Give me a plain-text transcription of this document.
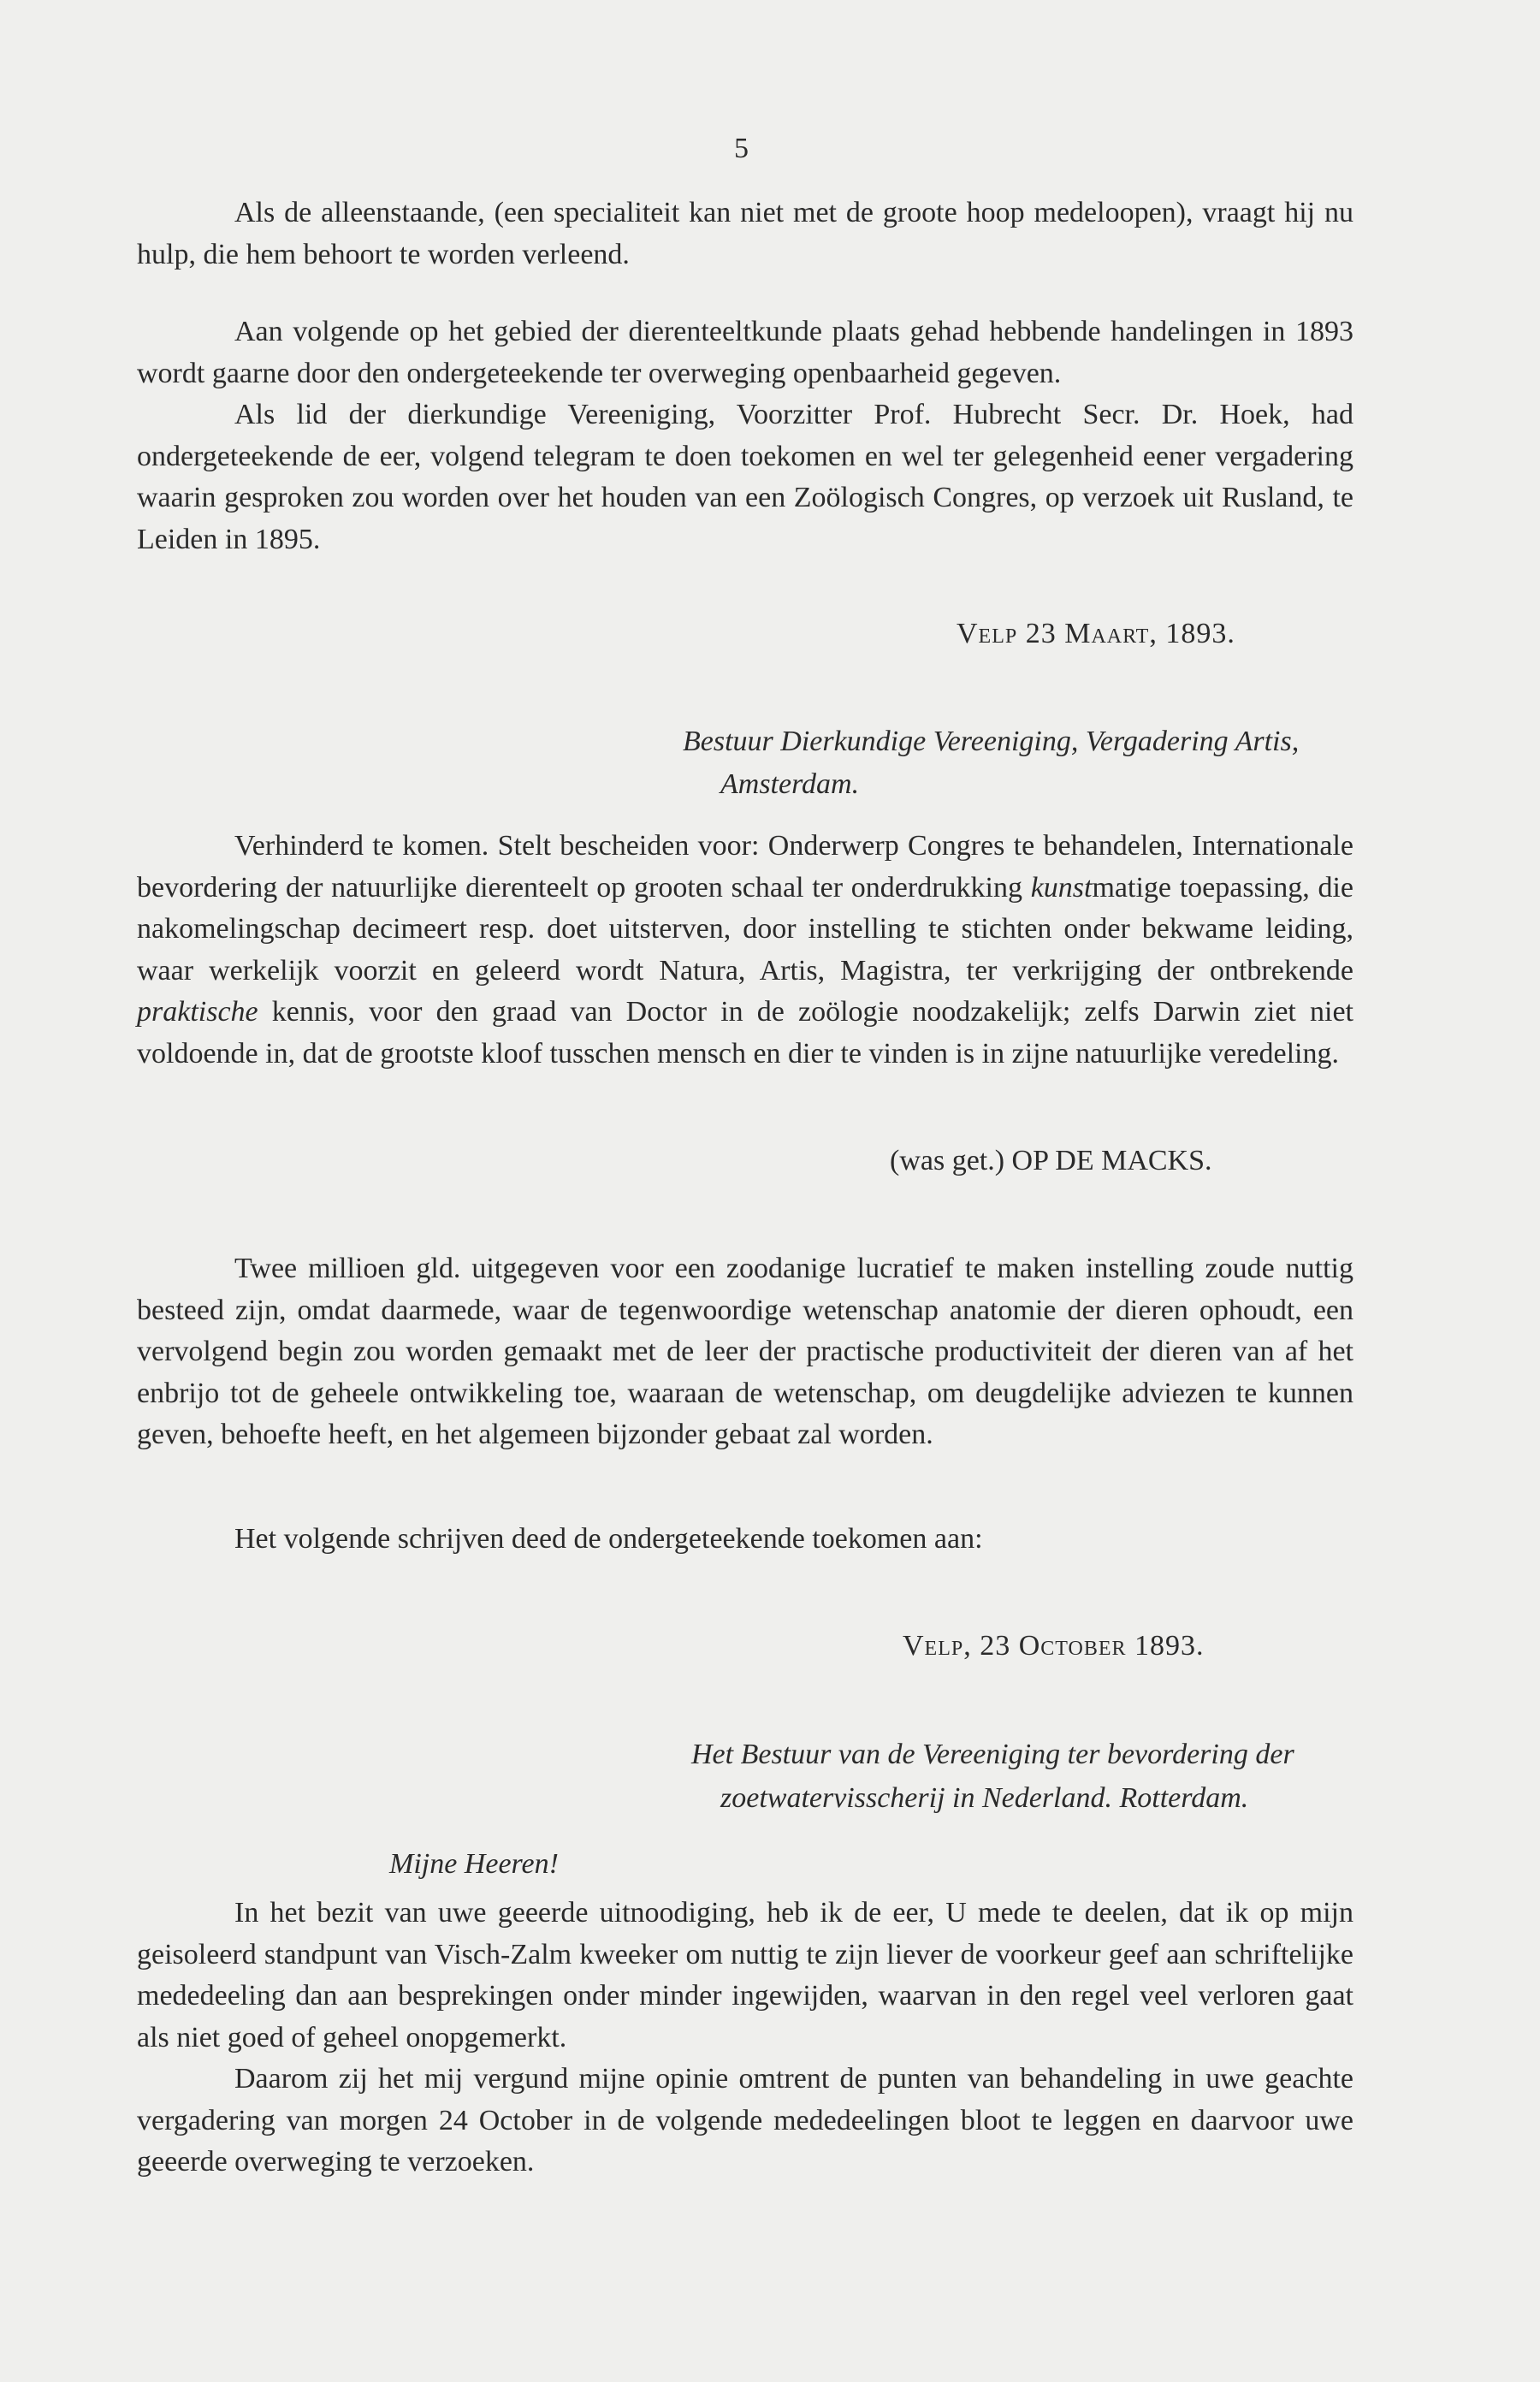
5

Als de alleenstaande, (een specialiteit kan niet met de groote hoop medeloopen), vraagt hij nu hulp, die hem behoort te worden verleend.

Aan volgende op het gebied der dierenteeltkunde plaats gehad hebbende handelingen in 1893 wordt gaarne door den ondergeteekende ter overweging openbaarheid gegeven.

Als lid der dierkundige Vereeniging, Voorzitter Prof. Hubrecht Secr. Dr. Hoek, had ondergeteekende de eer, volgend telegram te doen toekomen en wel ter gelegenheid eener vergadering waarin gesproken zou worden over het houden van een Zoölogisch Congres, op verzoek uit Rusland, te Leiden in 1895.

Velp 23 Maart, 1893.
Bestuur Dierkundige Vereeniging, Vergadering Artis,
Amsterdam.

Verhinderd te komen. Stelt bescheiden voor: Onderwerp Congres te behandelen, Internationale bevordering der natuurlijke dierenteelt op grooten schaal ter onderdrukking kunstmatige toepassing, die nakomelingschap decimeert resp. doet uitsterven, door instelling te stichten onder bekwame leiding, waar werkelijk voorzit en geleerd wordt Natura, Artis, Magistra, ter verkrijging der ontbrekende praktische kennis, voor den graad van Doctor in de zoölogie noodzakelijk; zelfs Darwin ziet niet voldoende in, dat de grootste kloof tusschen mensch en dier te vinden is in zijne natuurlijke veredeling.

(was get.) OP DE MACKS.

Twee millioen gld. uitgegeven voor een zoodanige lucratief te maken instelling zoude nuttig besteed zijn, omdat daarmede, waar de tegenwoordige wetenschap anatomie der dieren ophoudt, een vervolgend begin zou worden gemaakt met de leer der practische productiviteit der dieren van af het enbrijo tot de geheele ontwikkeling toe, waaraan de wetenschap, om deugdelijke adviezen te kunnen geven, behoefte heeft, en het algemeen bijzonder gebaat zal worden.

Het volgende schrijven deed de ondergeteekende toekomen aan:

Velp, 23 October 1893.
Het Bestuur van de Vereeniging ter bevordering der
zoetwatervisscherij in Nederland. Rotterdam.
Mijne Heeren!

In het bezit van uwe geeerde uitnoodiging, heb ik de eer, U mede te deelen, dat ik op mijn geisoleerd standpunt van Visch-Zalm kweeker om nuttig te zijn liever de voorkeur geef aan schriftelijke mededeeling dan aan besprekingen onder minder ingewijden, waarvan in den regel veel verloren gaat als niet goed of geheel onopgemerkt.

Daarom zij het mij vergund mijne opinie omtrent de punten van behandeling in uwe geachte vergadering van morgen 24 October in de volgende mededeelingen bloot te leggen en daarvoor uwe geeerde overweging te verzoeken.
